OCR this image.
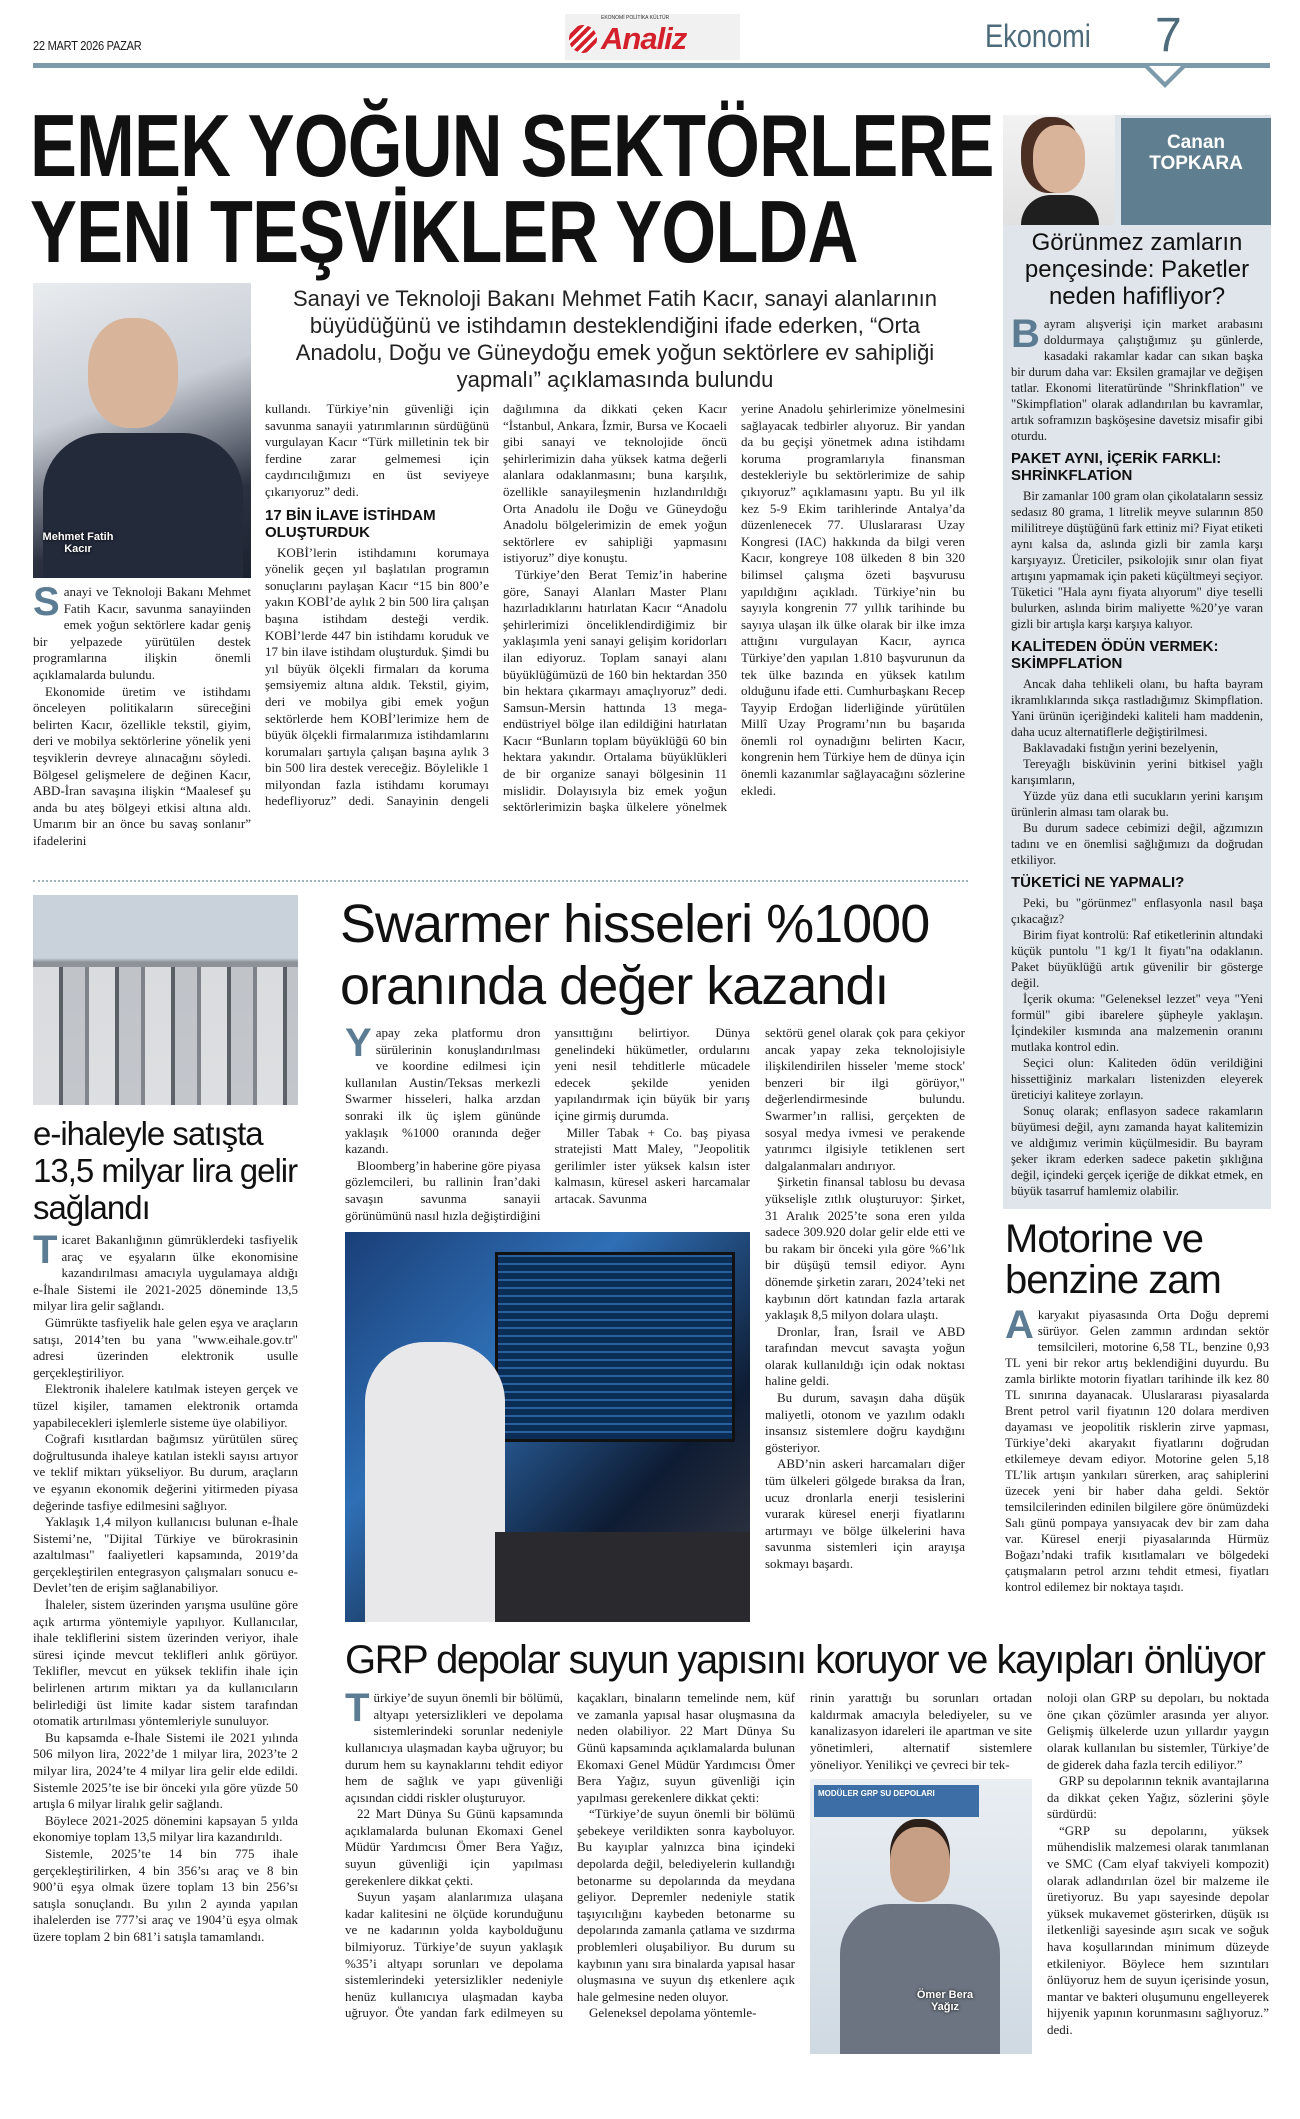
22 MART 2026 PAZAR
EKONOMİ POLİTİKA KÜLTÜR
Analiz	Ekonomi 7
EMEK YOĞUN SEKTÖRLERE
YENİ TEŞVİKLER YOLDA
Mehmet Fatih Kacır

Sanayi ve Teknoloji Bakanı Mehmet Fatih Kacır, savunma sanayiinden emek yoğun sektörlere kadar geniş bir yelpazede yürütülen destek programlarına ilişkin önemli açıklamalarda bulundu.

Ekonomide üretim ve istihdamı önceleyen politikaların süreceğini belirten Kacır, özellikle tekstil, giyim, deri ve mobilya sektörlerine yönelik yeni teşviklerin devreye alınacağını söyledi. Bölgesel gelişmelere de değinen Kacır, ABD-İran savaşına ilişkin “Maalesef şu anda bu ateş bölgeyi etkisi altına aldı. Umarım bir an önce bu savaş sonlanır” ifadelerini

Sanayi ve Teknoloji Bakanı Mehmet Fatih Kacır, sanayi alanlarının büyüdüğünü ve istihdamın desteklendiğini ifade ederken, “Orta Anadolu, Doğu ve Güneydoğu emek yoğun sektörlere ev sahipliği yapmalı” açıklamasında bulundu

kullandı. Türkiye’nin güvenliği için savunma sanayii yatırımlarının sürdüğünü vurgulayan Kacır “Türk milletinin tek bir ferdine zarar gelmemesi için caydırıcılığımızı en üst seviyeye çıkarıyoruz” dedi.

17 BİN İLAVE İSTİHDAM OLUŞTURDUK

KOBİ’lerin istihdamını korumaya yönelik geçen yıl başlatılan programın sonuçlarını paylaşan Kacır “15 bin 800’e yakın KOBİ’de aylık 2 bin 500 lira çalışan başına istihdam desteği verdik. KOBİ’lerde 447 bin istihdamı koruduk ve 17 bin ilave istihdam oluşturduk. Şimdi bu yıl büyük ölçekli firmaları da koruma şemsiyemiz altına aldık. Tekstil, giyim, deri ve mobilya gibi emek yoğun sektörlerde hem KOBİ’lerimize hem de büyük ölçekli firmalarımıza istihdamlarını korumaları şartıyla çalışan başına aylık 3 bin 500 lira destek vereceğiz. Böylelikle 1 milyondan fazla istihdamı korumayı hedefliyoruz” dedi. Sanayinin dengeli dağılımına da dikkati çeken Kacır “İstanbul, Ankara, İzmir, Bursa ve Kocaeli gibi sanayi ve teknolojide öncü şehirlerimizin daha yüksek katma değerli alanlara odaklanmasını; buna karşılık, özellikle sanayileşmenin hızlandırıldığı Orta Anadolu ile Doğu ve Güneydoğu Anadolu bölgelerimizin de emek yoğun sektörlere ev sahipliği yapmasını istiyoruz” diye konuştu.

Türkiye’den Berat Temiz’in haberine göre, Sanayi Alanları Master Planı hazırladıklarını hatırlatan Kacır “Anadolu şehirlerimizi önceliklendirdiğimiz bir yaklaşımla yeni sanayi gelişim koridorları ilan ediyoruz. Toplam sanayi alanı büyüklüğümüzü de 160 bin hektardan 350 bin hektara çıkarmayı amaçlıyoruz” dedi. Samsun-Mersin hattında 13 mega-endüstriyel bölge ilan edildiğini hatırlatan Kacır “Bunların toplam büyüklüğü 60 bin hektara yakındır. Ortalama büyüklükleri de bir organize sanayi bölgesinin 11 mislidir. Dolayısıyla biz emek yoğun sektörlerimizin başka ülkelere yönelmek yerine Anadolu şehirlerimize yönelmesini sağlayacak tedbirler alıyoruz. Bir yandan da bu geçişi yönetmek adına istihdamı koruma programlarıyla finansman destekleriyle bu sektörlerimize de sahip çıkıyoruz” açıklamasını yaptı. Bu yıl ilk kez 5-9 Ekim tarihlerinde Antalya’da düzenlenecek 77. Uluslararası Uzay Kongresi (IAC) hakkında da bilgi veren Kacır, kongreye 108 ülkeden 8 bin 320 bilimsel çalışma özeti başvurusu yapıldığını açıkladı. Türkiye’nin bu sayıyla kongrenin 77 yıllık tarihinde bu sayıya ulaşan ilk ülke olarak bir ilke imza attığını vurgulayan Kacır, ayrıca Türkiye’den yapılan 1.810 başvurunun da tek ülke bazında en yüksek katılım olduğunu ifade etti. Cumhurbaşkanı Recep Tayyip Erdoğan liderliğinde yürütülen Millî Uzay Programı’nın bu başarıda önemli rol oynadığını belirten Kacır, kongrenin hem Türkiye hem de dünya için önemli kazanımlar sağlayacağını sözlerine ekledi.

Canan
TOPKARA
Görünmez zamların pençesinde: Paketler neden hafifliyor?

Bayram alışverişi için market arabasını doldurmaya çalıştığımız şu günlerde, kasadaki rakamlar kadar can sıkan başka bir durum daha var: Eksilen gramajlar ve değişen tatlar. Ekonomi literatüründe "Shrinkflation" ve "Skimpflation" olarak adlandırılan bu kavramlar, artık soframızın başköşesine davetsiz misafir gibi oturdu.

PAKET AYNI, İÇERİK FARKLI: SHRİNKFLATİON

Bir zamanlar 100 gram olan çikolataların sessiz sedasız 80 grama, 1 litrelik meyve sularının 850 mililitreye düştüğünü fark ettiniz mi? Fiyat etiketi aynı kalsa da, aslında gizli bir zamla karşı karşıyayız. Üreticiler, psikolojik sınır olan fiyat artışını yapmamak için paketi küçültmeyi seçiyor. Tüketici "Hala aynı fiyata alıyorum" diye teselli bulurken, aslında birim maliyette %20’ye varan gizli bir artışla karşı karşıya kalıyor.

KALİTEDEN ÖDÜN VERMEK: SKİMPFLATİON

Ancak daha tehlikeli olanı, bu hafta bayram ikramlıklarında sıkça rastladığımız Skimpflation. Yani ürünün içeriğindeki kaliteli ham maddenin, daha ucuz alternatiflerle değiştirilmesi.

Baklavadaki fıstığın yerini bezelyenin,

Tereyağlı bisküvinin yerini bitkisel yağlı karışımların,

Yüzde yüz dana etli sucukların yerini karışım ürünlerin alması tam olarak bu.

Bu durum sadece cebimizi değil, ağzımızın tadını ve en önemlisi sağlığımızı da doğrudan etkiliyor.

TÜKETİCİ NE YAPMALI?

Peki, bu "görünmez" enflasyonla nasıl başa çıkacağız?

Birim fiyat kontrolü: Raf etiketlerinin altındaki küçük puntolu "1 kg/1 lt fiyatı"na odaklanın. Paket büyüklüğü artık güvenilir bir gösterge değil.

İçerik okuma: "Geleneksel lezzet" veya "Yeni formül" gibi ibarelere şüpheyle yaklaşın. İçindekiler kısmında ana malzemenin oranını mutlaka kontrol edin.

Seçici olun: Kaliteden ödün verildiğini hissettiğiniz markaları listenizden eleyerek üreticiyi kaliteye zorlayın.

Sonuç olarak; enflasyon sadece rakamların büyümesi değil, aynı zamanda hayat kalitemizin ve aldığımız verimin küçülmesidir. Bu bayram şeker ikram ederken sadece paketin şıklığına değil, içindeki gerçek içeriğe de dikkat etmek, en büyük tasarruf hamlemiz olabilir.

Motorine ve benzine zam

Akaryakıt piyasasında Orta Doğu depremi sürüyor. Gelen zammın ardından sektör temsilcileri, motorine 6,58 TL, benzine 0,93 TL yeni bir rekor artış beklendiğini duyurdu. Bu zamla birlikte motorin fiyatları tarihinde ilk kez 80 TL sınırına dayanacak. Uluslararası piyasalarda Brent petrol varil fiyatının 120 dolara merdiven dayaması ve jeopolitik risklerin zirve yapması, Türkiye’deki akaryakıt fiyatlarını doğrudan etkilemeye devam ediyor. Motorine gelen 5,18 TL’lik artışın yankıları sürerken, araç sahiplerini üzecek yeni bir haber daha geldi. Sektör temsilcilerinden edinilen bilgilere göre önümüzdeki Salı günü pompaya yansıyacak dev bir zam daha var. Küresel enerji piyasalarında Hürmüz Boğazı’ndaki trafik kısıtlamaları ve bölgedeki çatışmaların petrol arzını tehdit etmesi, fiyatları kontrol edilemez bir noktaya taşıdı.

e-ihaleyle satışta 13,5 milyar lira gelir sağlandı

Ticaret Bakanlığının gümrüklerdeki tasfiyelik araç ve eşyaların ülke ekonomisine kazandırılması amacıyla uygulamaya aldığı e-İhale Sistemi ile 2021-2025 döneminde 13,5 milyar lira gelir sağlandı.

Gümrükte tasfiyelik hale gelen eşya ve araçların satışı, 2014’ten bu yana "www.eihale.gov.tr" adresi üzerinden elektronik usulle gerçekleştiriliyor.

Elektronik ihalelere katılmak isteyen gerçek ve tüzel kişiler, tamamen elektronik ortamda yapabilecekleri işlemlerle sisteme üye olabiliyor.

Coğrafi kısıtlardan bağımsız yürütülen süreç doğrultusunda ihaleye katılan istekli sayısı artıyor ve teklif miktarı yükseliyor. Bu durum, araçların ve eşyanın ekonomik değerini yitirmeden piyasa değerinde tasfiye edilmesini sağlıyor.

Yaklaşık 1,4 milyon kullanıcısı bulunan e-İhale Sistemi’ne, "Dijital Türkiye ve bürokrasinin azaltılması" faaliyetleri kapsamında, 2019’da gerçekleştirilen entegrasyon çalışmaları sonucu e-Devlet’ten de erişim sağlanabiliyor.

İhaleler, sistem üzerinden yarışma usulüne göre açık artırma yöntemiyle yapılıyor. Kullanıcılar, ihale tekliflerini sistem üzerinden veriyor, ihale süresi içinde mevcut teklifleri anlık görüyor. Teklifler, mevcut en yüksek teklifin ihale için belirlenen artırım miktarı ya da kullanıcıların belirlediği üst limite kadar sistem tarafından otomatik artırılması yöntemleriyle sunuluyor.

Bu kapsamda e-İhale Sistemi ile 2021 yılında 506 milyon lira, 2022’de 1 milyar lira, 2023’te 2 milyar lira, 2024’te 4 milyar lira gelir elde edildi. Sistemle 2025’te ise bir önceki yıla göre yüzde 50 artışla 6 milyar liralık gelir sağlandı.

Böylece 2021-2025 dönemini kapsayan 5 yılda ekonomiye toplam 13,5 milyar lira kazandırıldı.

Sistemle, 2025’te 14 bin 775 ihale gerçekleştirilirken, 4 bin 356’sı araç ve 8 bin 900’ü eşya olmak üzere toplam 13 bin 256’sı satışla sonuçlandı. Bu yılın 2 ayında yapılan ihalelerden ise 777’si araç ve 1904’ü eşya olmak üzere toplam 2 bin 681’i satışla tamamlandı.

Swarmer hisseleri %1000
oranında değer kazandı

Yapay zeka platformu dron sürülerinin konuşlandırılması ve koordine edilmesi için kullanılan Austin/Teksas merkezli Swarmer hisseleri, halka arzdan sonraki ilk üç işlem gününde yaklaşık %1000 oranında değer kazandı.

Bloomberg’in haberine göre piyasa gözlemcileri, bu rallinin İran’daki savaşın savunma sanayii görünümünü nasıl hızla değiştirdiğini yansıttığını belirtiyor. Dünya genelindeki hükümetler, ordularını yeni nesil tehditlerle mücadele edecek şekilde yeniden yapılandırmak için büyük bir yarış içine girmiş durumda.

Miller Tabak + Co. baş piyasa stratejisti Matt Maley, "Jeopolitik gerilimler ister yüksek kalsın ister kalmasın, küresel askeri harcamalar artacak. Savunma

sektörü genel olarak çok para çekiyor ancak yapay zeka teknolojisiyle ilişkilendirilen hisseler 'meme stock' benzeri bir ilgi görüyor," değerlendirmesinde bulundu. Swarmer’ın rallisi, gerçekten de sosyal medya ivmesi ve perakende yatırımcı ilgisiyle tetiklenen sert dalgalanmaları andırıyor.

Şirketin finansal tablosu bu devasa yükselişle zıtlık oluşturuyor: Şirket, 31 Aralık 2025’te sona eren yılda sadece 309.920 dolar gelir elde etti ve bu rakam bir önceki yıla göre %6’lık bir düşüşü temsil ediyor. Aynı dönemde şirketin zararı, 2024’teki net kaybının dört katından fazla artarak yaklaşık 8,5 milyon dolara ulaştı.

Dronlar, İran, İsrail ve ABD tarafından mevcut savaşta yoğun olarak kullanıldığı için odak noktası haline geldi.

Bu durum, savaşın daha düşük maliyetli, otonom ve yazılım odaklı insansız sistemlere doğru kaydığını gösteriyor.

ABD’nin askeri harcamaları diğer tüm ülkeleri gölgede bıraksa da İran, ucuz dronlarla enerji tesislerini vurarak küresel enerji fiyatlarını artırmayı ve bölge ülkelerini hava savunma sistemleri için arayışa sokmayı başardı.

GRP depolar suyun yapısını koruyor ve kayıpları önlüyor

Türkiye’de suyun önemli bir bölümü, altyapı yetersizlikleri ve depolama sistemlerindeki sorunlar nedeniyle kullanıcıya ulaşmadan kayba uğruyor; bu durum hem su kaynaklarını tehdit ediyor hem de sağlık ve yapı güvenliği açısından ciddi riskler oluşturuyor.

22 Mart Dünya Su Günü kapsamında açıklamalarda bulunan Ekomaxi Genel Müdür Yardımcısı Ömer Bera Yağız, suyun güvenliği için yapılması gerekenlere dikkat çekti.

Suyun yaşam alanlarımıza ulaşana kadar kalitesini ne ölçüde korunduğunu ve ne kadarının yolda kaybolduğunu bilmiyoruz. Türkiye’de suyun yaklaşık %35’i altyapı sorunları ve depolama sistemlerindeki yetersizlikler nedeniyle henüz kullanıcıya ulaşmadan kayba uğruyor. Öte yandan fark edilmeyen su kaçakları, binaların temelinde nem, küf ve zamanla yapısal hasar oluşmasına da neden olabiliyor. 22 Mart Dünya Su Günü kapsamında açıklamalarda bulunan Ekomaxi Genel Müdür Yardımcısı Ömer Bera Yağız, suyun güvenliği için yapılması gerekenlere dikkat çekti:

“Türkiye’de suyun önemli bir bölümü şebekeye verildikten sonra kayboluyor. Bu kayıplar yalnızca bina içindeki depolarda değil, belediyelerin kullandığı betonarme su depolarında da meydana geliyor. Depremler nedeniyle statik taşıyıcılığını kaybeden betonarme su depolarında zamanla çatlama ve sızdırma problemleri oluşabiliyor. Bu durum su kaybının yanı sıra binalarda yapısal hasar oluşmasına ve suyun dış etkenlere açık hale gelmesine neden oluyor.

Geleneksel depolama yöntemle-

rinin yarattığı bu sorunları ortadan kaldırmak amacıyla belediyeler, su ve kanalizasyon idareleri ile apartman ve site yönetimleri, alternatif sistemlere yöneliyor. Yenilikçi ve çevreci bir tek-

MODÜLER GRP SU DEPOLARI
Ömer Bera Yağız

noloji olan GRP su depoları, bu noktada öne çıkan çözümler arasında yer alıyor. Gelişmiş ülkelerde uzun yıllardır yaygın olarak kullanılan bu sistemler, Türkiye’de de giderek daha fazla tercih ediliyor.”

GRP su depolarının teknik avantajlarına da dikkat çeken Yağız, sözlerini şöyle sürdürdü:

“GRP su depolarını, yüksek mühendislik malzemesi olarak tanımlanan ve SMC (Cam elyaf takviyeli kompozit) olarak adlandırılan özel bir malzeme ile üretiyoruz. Bu yapı sayesinde depolar yüksek mukavemet gösterirken, düşük ısı iletkenliği sayesinde aşırı sıcak ve soğuk hava koşullarından minimum düzeyde etkileniyor. Böylece hem sızıntıları önlüyoruz hem de suyun içerisinde yosun, mantar ve bakteri oluşumunu engelleyerek hijyenik yapının korunmasını sağlıyoruz.” dedi.
